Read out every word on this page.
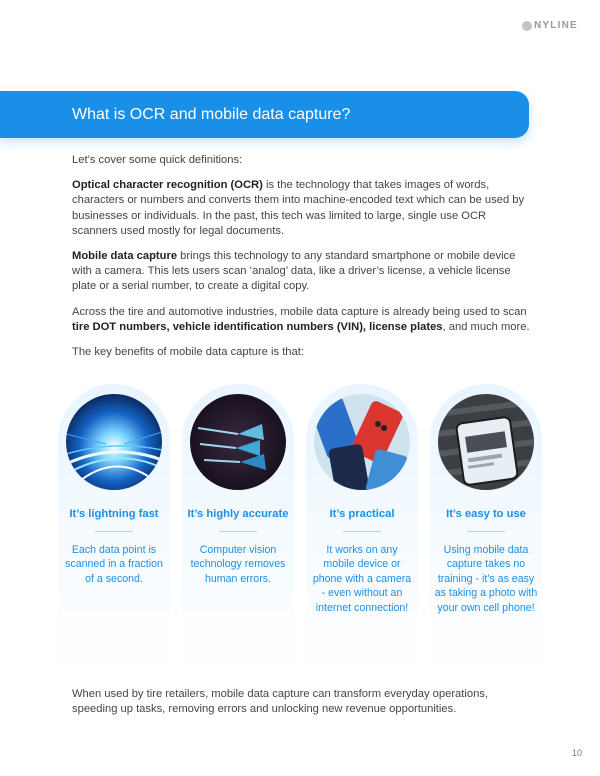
NYLINE
What is OCR and mobile data capture?

Let’s cover some quick definitions:

Optical character recognition (OCR) is the technology that takes images of words, characters or numbers and converts them into machine-encoded text which can be used by businesses or individuals. In the past, this tech was limited to large, single use OCR scanners used mostly for legal documents.

Mobile data capture brings this technology to any standard smartphone or mobile device with a camera. This lets users scan ‘analog’ data, like a driver’s license, a vehicle license plate or a serial number, to create a digital copy.

Across the tire and automotive industries, mobile data capture is already being used to scan tire DOT numbers, vehicle identification numbers (VIN), license plates, and much more.

The key benefits of mobile data capture is that:

It’s lightning fast
Each data point is scanned in a fraction of a second.
It’s highly accurate
Computer vision technology removes human errors.
It’s practical
It works on any mobile device or phone with a camera - even without an internet connection!
It’s easy to use
Using mobile data capture takes no training - it’s as easy as taking a photo with your own cell phone!

When used by tire retailers, mobile data capture can transform everyday operations, speeding up tasks, removing errors and unlocking new revenue opportunities.

10
